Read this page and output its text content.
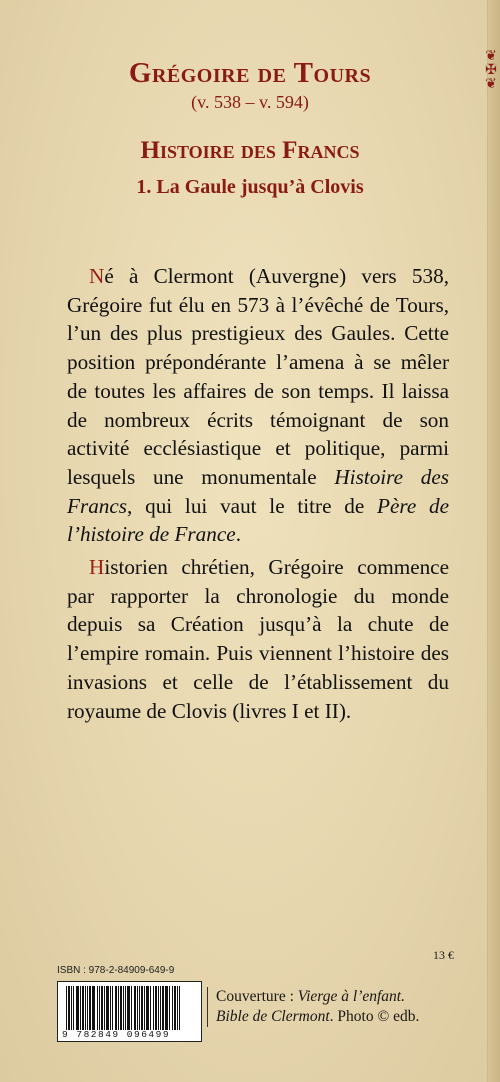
❦
✠
❦
Grégoire de Tours
(v. 538 – v. 594)
Histoire des Francs
1. La Gaule jusqu’à Clovis

Né à Clermont (Auvergne) vers 538, Grégoire fut élu en 573 à l’évêché de Tours, l’un des plus prestigieux des Gaules. Cette position prépondérante l’amena à se mêler de toutes les affaires de son temps. Il laissa de nombreux écrits témoignant de son activité ecclésiastique et politique, parmi lesquels une monumentale Histoire des Francs, qui lui vaut le titre de Père de l’histoire de France.

Historien chrétien, Grégoire commence par rapporter la chronologie du monde depuis sa Création jusqu’à la chute de l’empire romain. Puis viennent l’histoire des invasions et celle de l’établissement du royaume de Clovis (livres I et II).

ISBN : 978-2-84909-649-9
13 €
9 782849 096499
Couverture : Vierge à l’enfant.
Bible de Clermont. Photo © edb.
